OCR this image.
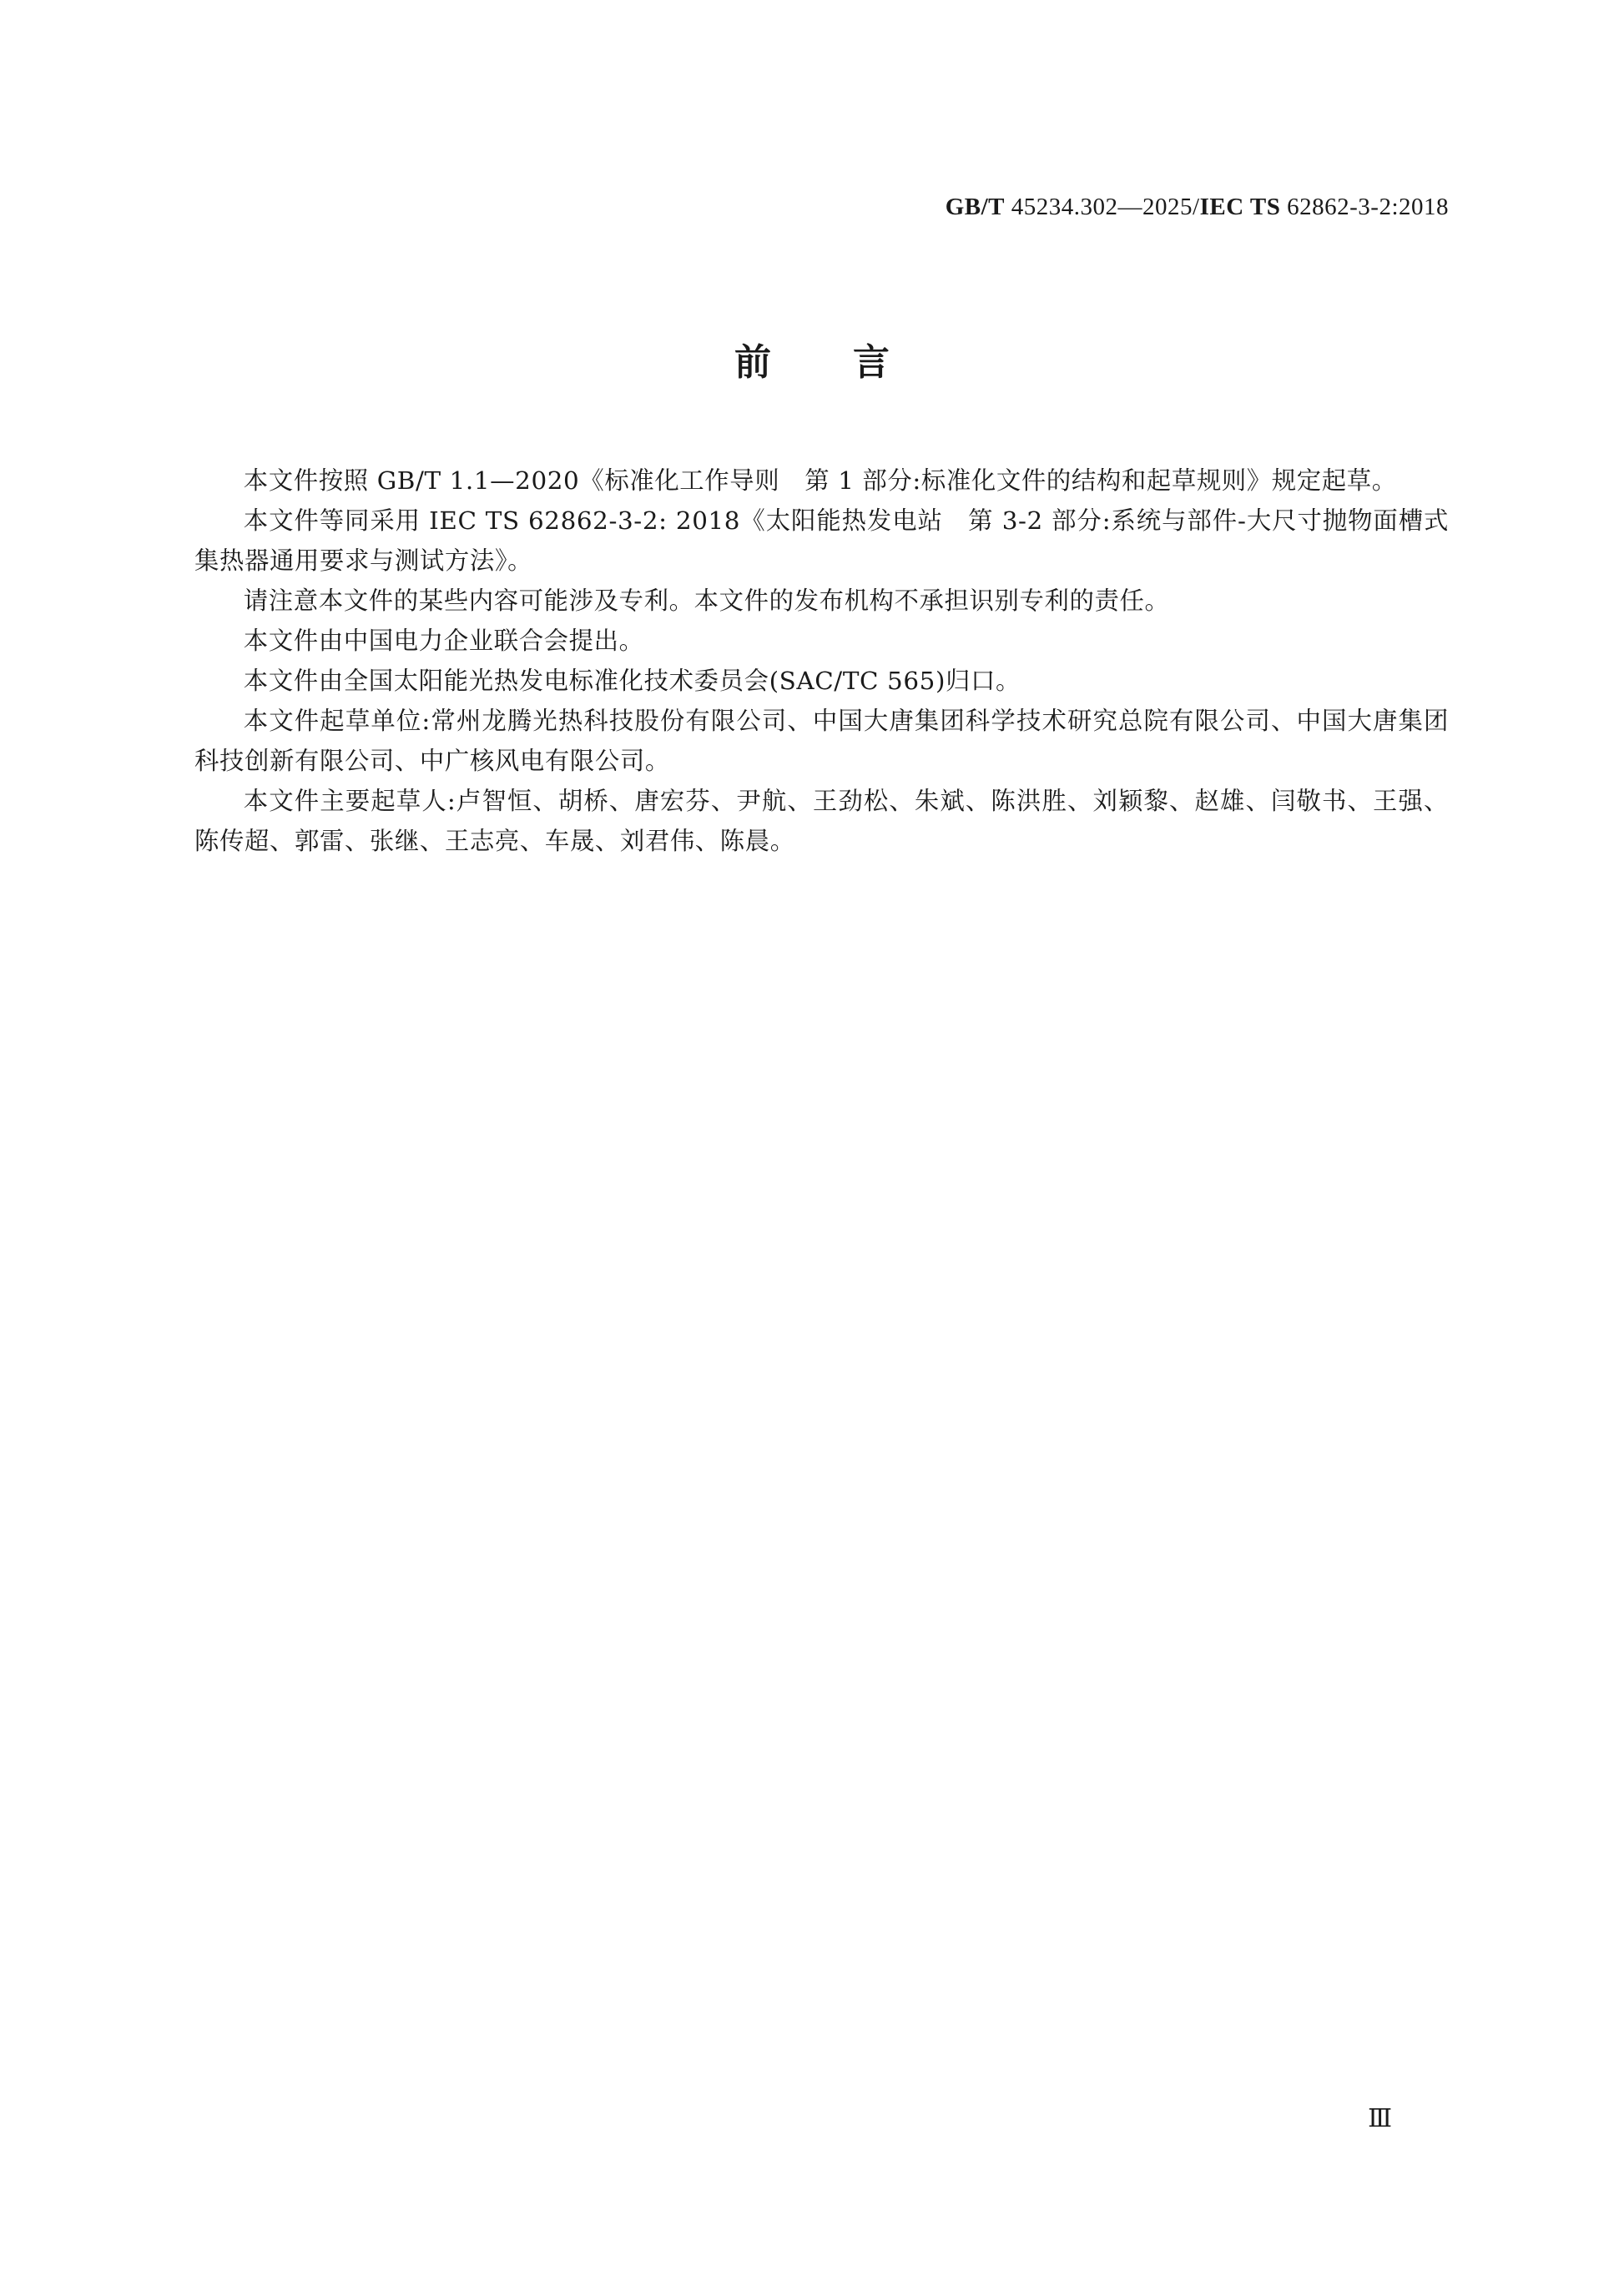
GB/T 45234.302—2025/IEC TS 62862-3-2:2018
前 言

本文件按照 GB/T 1.1—2020《标准化工作导则　第 1 部分:标准化文件的结构和起草规则》规定起草。

本文件等同采用 IEC TS 62862-3-2: 2018《太阳能热发电站　第 3-2 部分:系统与部件-大尺寸抛物面槽式集热器通用要求与测试方法》。

请注意本文件的某些内容可能涉及专利。本文件的发布机构不承担识别专利的责任。

本文件由中国电力企业联合会提出。

本文件由全国太阳能光热发电标准化技术委员会(SAC/TC 565)归口。

本文件起草单位:常州龙腾光热科技股份有限公司、中国大唐集团科学技术研究总院有限公司、中国大唐集团科技创新有限公司、中广核风电有限公司。

本文件主要起草人:卢智恒、胡桥、唐宏芬、尹航、王劲松、朱斌、陈洪胜、刘颖黎、赵雄、闫敬书、王强、陈传超、郭雷、张继、王志亮、车晟、刘君伟、陈晨。

Ⅲ
